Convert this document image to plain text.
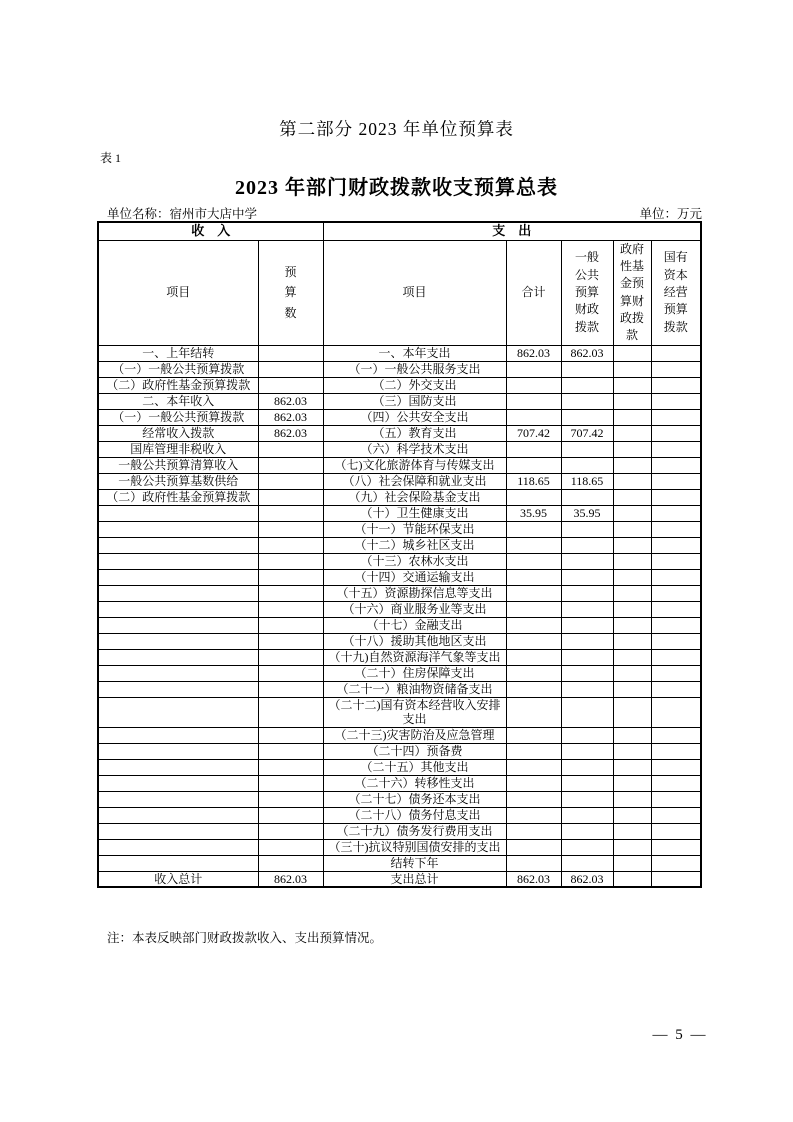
第二部分 2023 年单位预算表
表 1
2023 年部门财政拨款收支预算总表
单位名称：宿州市大店中学	单位：万元
收　入		支　出				
项目	预算数	项目	合计	一般公共预算财政拨款	政府性基金预算财政拨款	国有资本经营预算拨款
一、上年结转		一、本年支出	862.03	862.03		
（一）一般公共预算拨款		（一）一般公共服务支出				
（二）政府性基金预算拨款		（二）外交支出				
二、本年收入	862.03	（三）国防支出				
（一）一般公共预算拨款	862.03	（四）公共安全支出				
经常收入拨款	862.03	（五）教育支出	707.42	707.42		
国库管理非税收入		（六）科学技术支出				
一般公共预算清算收入		（七)文化旅游体育与传媒支出				
一般公共预算基数供给		（八）社会保障和就业支出	118.65	118.65		
（二）政府性基金预算拨款		（九）社会保险基金支出				
		（十）卫生健康支出	35.95	35.95		
		（十一）节能环保支出				
		（十二）城乡社区支出				
		（十三）农林水支出				
		（十四）交通运输支出				
		（十五）资源勘探信息等支出				
		（十六）商业服务业等支出				
		（十七）金融支出				
		（十八）援助其他地区支出				
		（十九)自然资源海洋气象等支出				
		（二十）住房保障支出				
		（二十一）粮油物资储备支出				
		（二十二)国有资本经营收入安排支出				
		（二十三)灾害防治及应急管理				
		（二十四）预备费				
		（二十五）其他支出				
		（二十六）转移性支出				
		（二十七）债务还本支出				
		（二十八）债务付息支出				
		（二十九）债务发行费用支出				
		（三十)抗议特别国债安排的支出				
		结转下年				
收入总计	862.03	支出总计	862.03	862.03		
注：本表反映部门财政拨款收入、支出预算情况。
— 5 —
